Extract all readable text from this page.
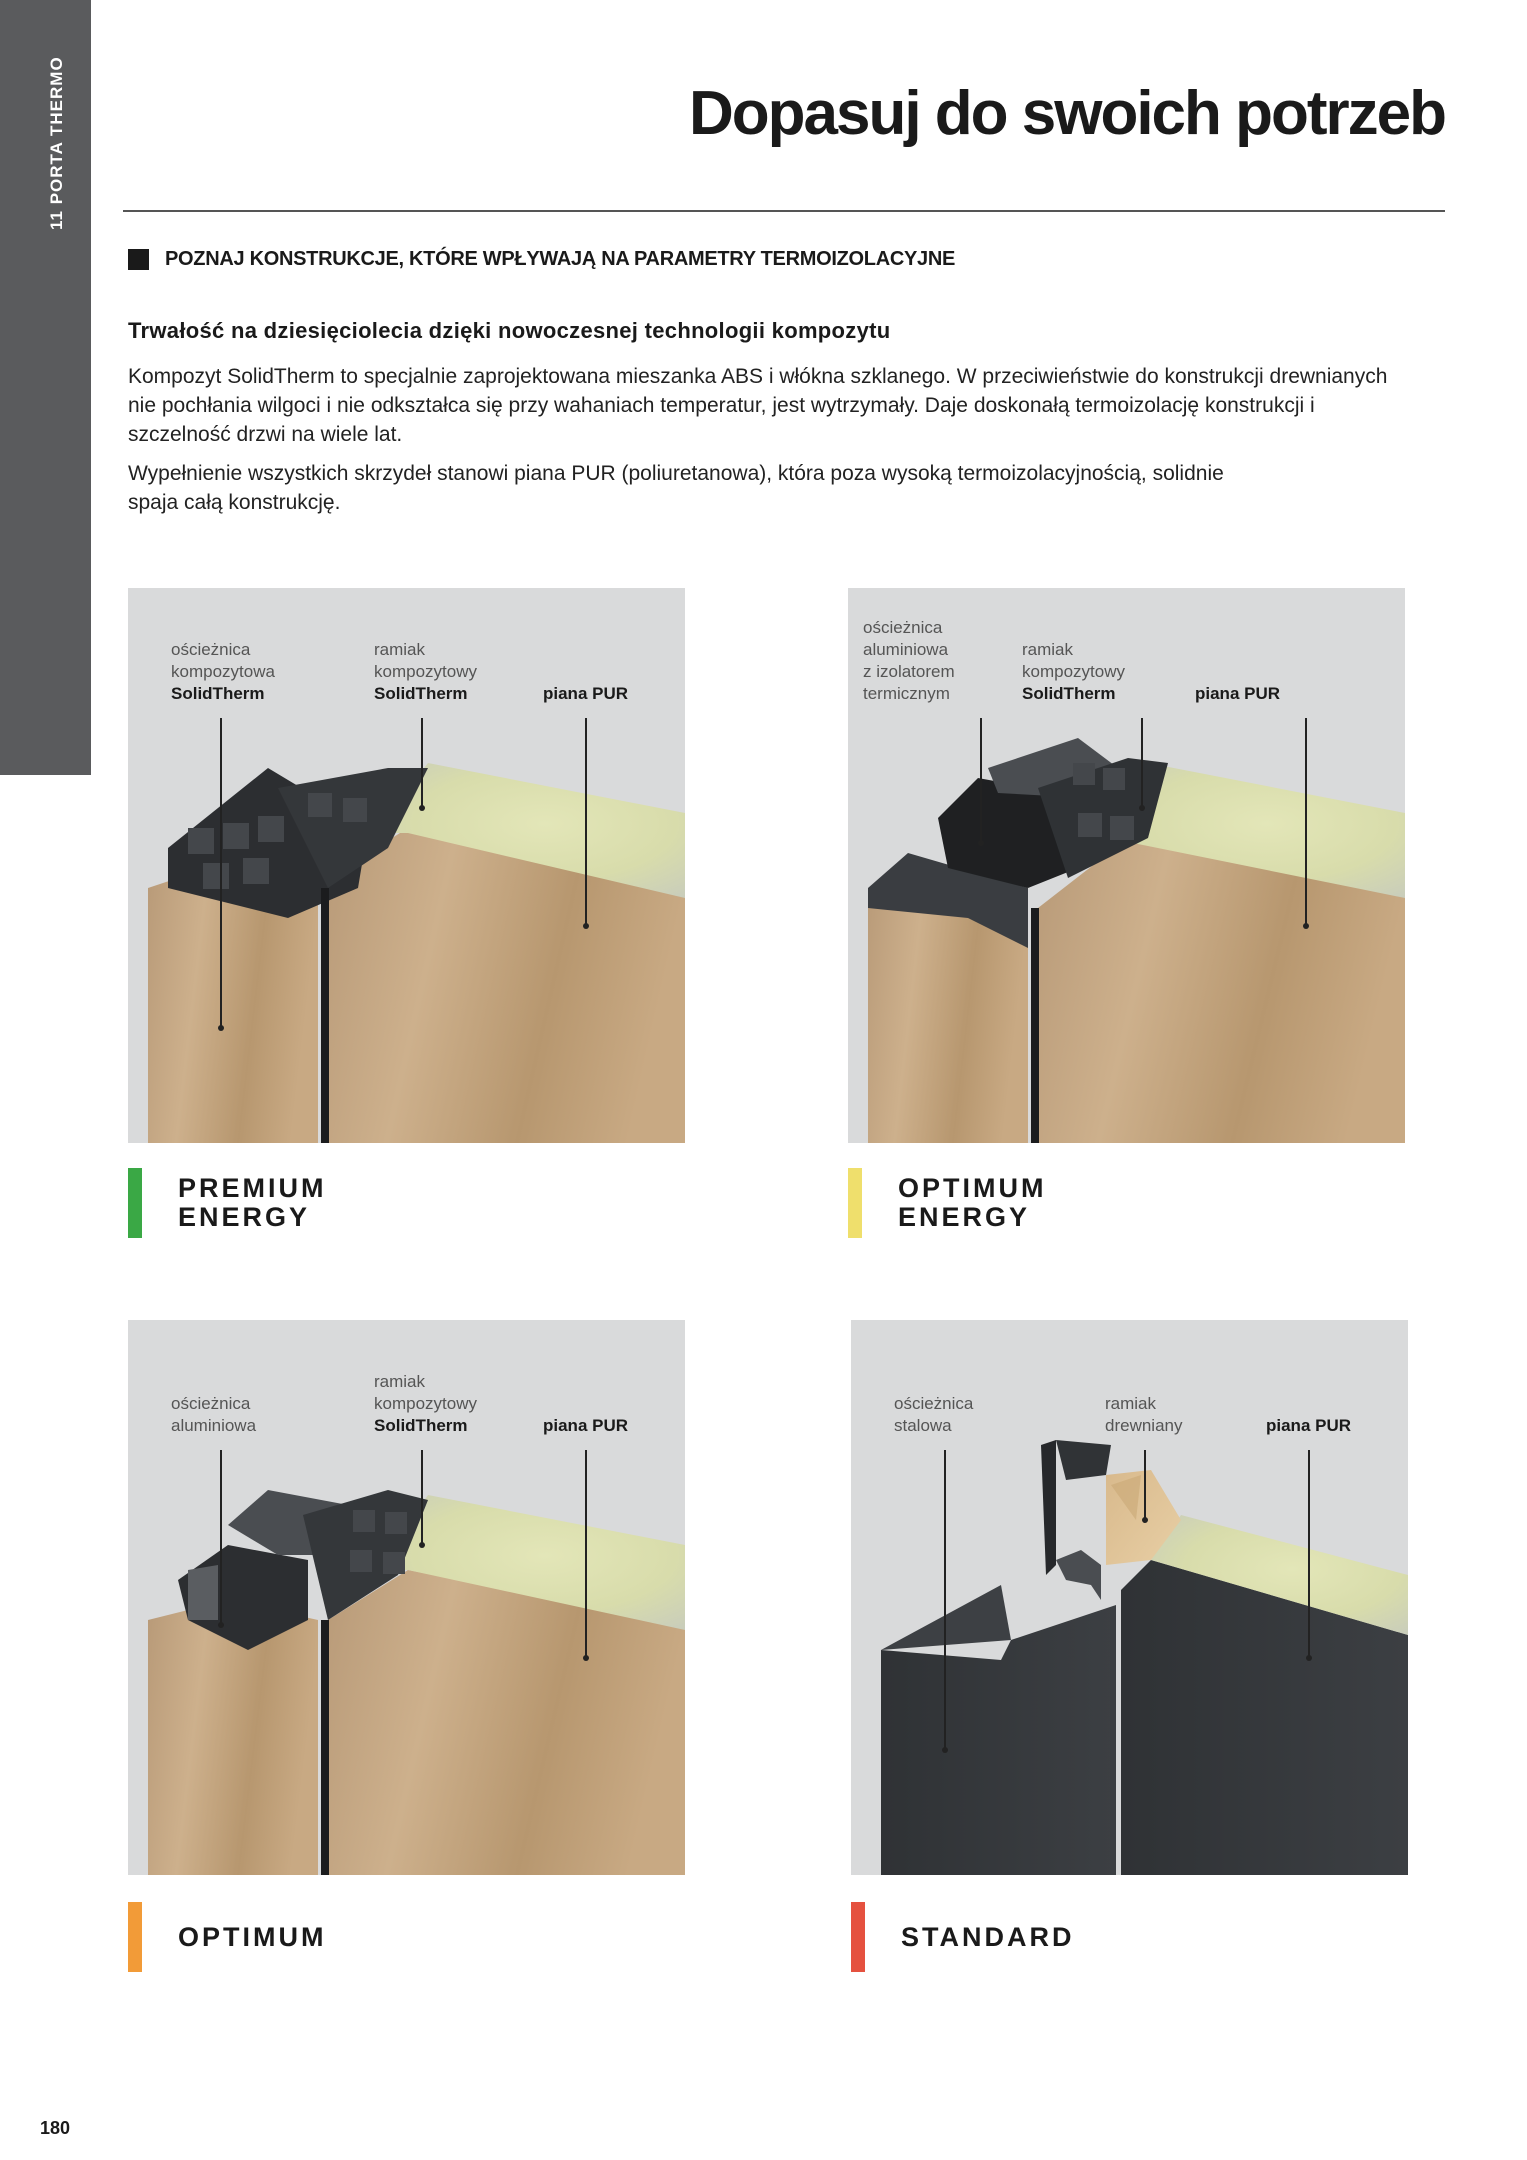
11 PORTA THERMO	Dopasuj do swoich potrzeb
POZNAJ KONSTRUKCJE, KTÓRE WPŁYWAJĄ NA PARAMETRY TERMOIZOLACYJNE
Trwałość na dziesięciolecia dzięki nowoczesnej technologii kompozytu

Kompozyt SolidTherm to specjalnie zaprojektowana mieszanka ABS i włókna szklanego. W przeciwieństwie do konstrukcji drewnianych nie pochłania wilgoci i nie odkształca się przy wahaniach temperatur, jest wytrzymały. Daje doskonałą termoizolację konstrukcji i szczelność drzwi na wiele lat.

Wypełnienie wszystkich skrzydeł stanowi piana PUR (poliuretanowa), która poza wysoką termoizolacyjnością, solidnie spaja całą konstrukcję.

ościeżnica
kompozytowa
SolidTherm
ramiak
kompozytowy
SolidTherm	piana PUR
PREMIUM
ENERGY
ościeżnica
aluminiowa
z izolatorem
termicznym
ramiak
kompozytowy
SolidTherm	piana PUR
OPTIMUM
ENERGY
ościeżnica
aluminiowa
ramiak
kompozytowy
SolidTherm	piana PUR
OPTIMUM
ościeżnica
stalowa
ramiak
drewniany	piana PUR
STANDARD
180
